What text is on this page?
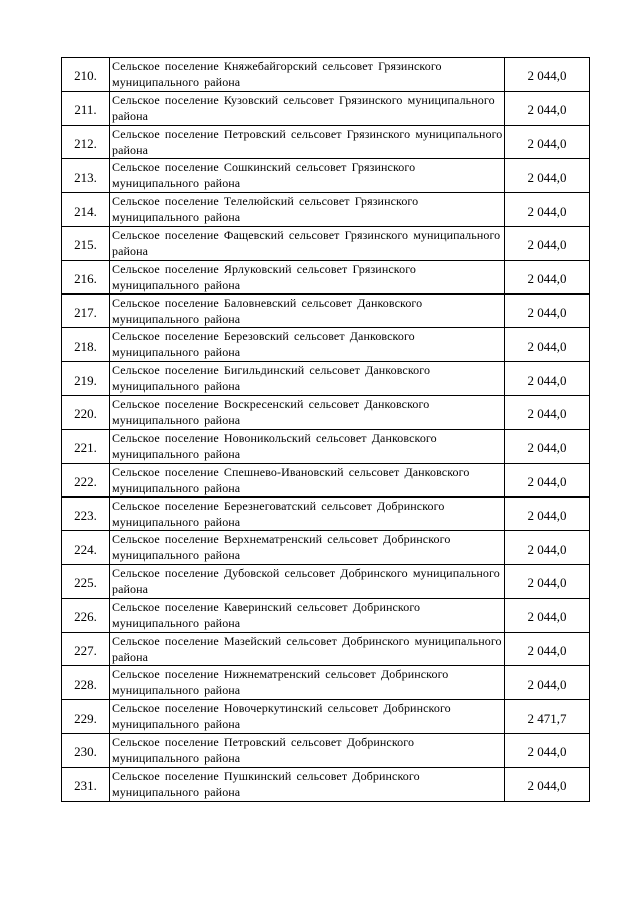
210.	Сельское поселение Княжебайгорский сельсовет Грязинского муниципального района	2 044,0
211.	Сельское поселение Кузовский сельсовет Грязинского муниципального района	2 044,0
212.	Сельское поселение Петровский сельсовет Грязинского муниципального района	2 044,0
213.	Сельское поселение Сошкинский сельсовет Грязинского муниципального района	2 044,0
214.	Сельское поселение Телелюйский сельсовет Грязинского муниципального района	2 044,0
215.	Сельское поселение Фащевский сельсовет Грязинского муниципального района	2 044,0
216.	Сельское поселение Ярлуковский сельсовет Грязинского муниципального района	2 044,0
217.	Сельское поселение Баловневский сельсовет Данковского муниципального района	2 044,0
218.	Сельское поселение Березовский сельсовет Данковского муниципального района	2 044,0
219.	Сельское поселение Бигильдинский сельсовет Данковского муниципального района	2 044,0
220.	Сельское поселение Воскресенский сельсовет Данковского муниципального района	2 044,0
221.	Сельское поселение Новоникольский сельсовет Данковского муниципального района	2 044,0
222.	Сельское поселение Спешнево-Ивановский сельсовет Данковского муниципального района	2 044,0
223.	Сельское поселение Березнеговатский сельсовет Добринского муниципального района	2 044,0
224.	Сельское поселение Верхнематренский сельсовет Добринского муниципального района	2 044,0
225.	Сельское поселение Дубовской сельсовет Добринского муниципального района	2 044,0
226.	Сельское поселение Каверинский сельсовет Добринского муниципального района	2 044,0
227.	Сельское поселение Мазейский сельсовет Добринского муниципального района	2 044,0
228.	Сельское поселение Нижнематренский сельсовет Добринского муниципального района	2 044,0
229.	Сельское поселение Новочеркутинский сельсовет Добринского муниципального района	2 471,7
230.	Сельское поселение Петровский сельсовет Добринского муниципального района	2 044,0
231.	Сельское поселение Пушкинский сельсовет Добринского муниципального района	2 044,0
